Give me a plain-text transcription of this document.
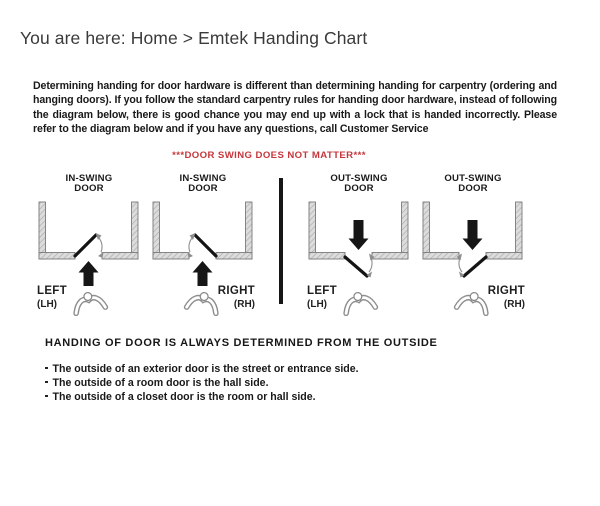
You are here: Home > Emtek Handing Chart
Determining handing for door hardware is different than determining handing for carpentry (ordering and hanging doors). If you follow the standard carpentry rules for handing door hardware, instead of following the diagram below, there is good chance you may end up with a lock that is handed incorrectly. Please refer to the diagram below and if you have any questions, call Customer Service
***DOOR SWING DOES NOT MATTER***
IN-SWING
DOOR
LEFT
(LH)
IN-SWING
DOOR
RIGHT
(RH)
OUT-SWING
DOOR
LEFT
(LH)
OUT-SWING
DOOR
RIGHT
(RH)
HANDING OF DOOR IS ALWAYS DETERMINED FROM THE OUTSIDE
The outside of an exterior door is the street or entrance side.
The outside of a room door is the hall side.
The outside of a closet door is the room or hall side.
